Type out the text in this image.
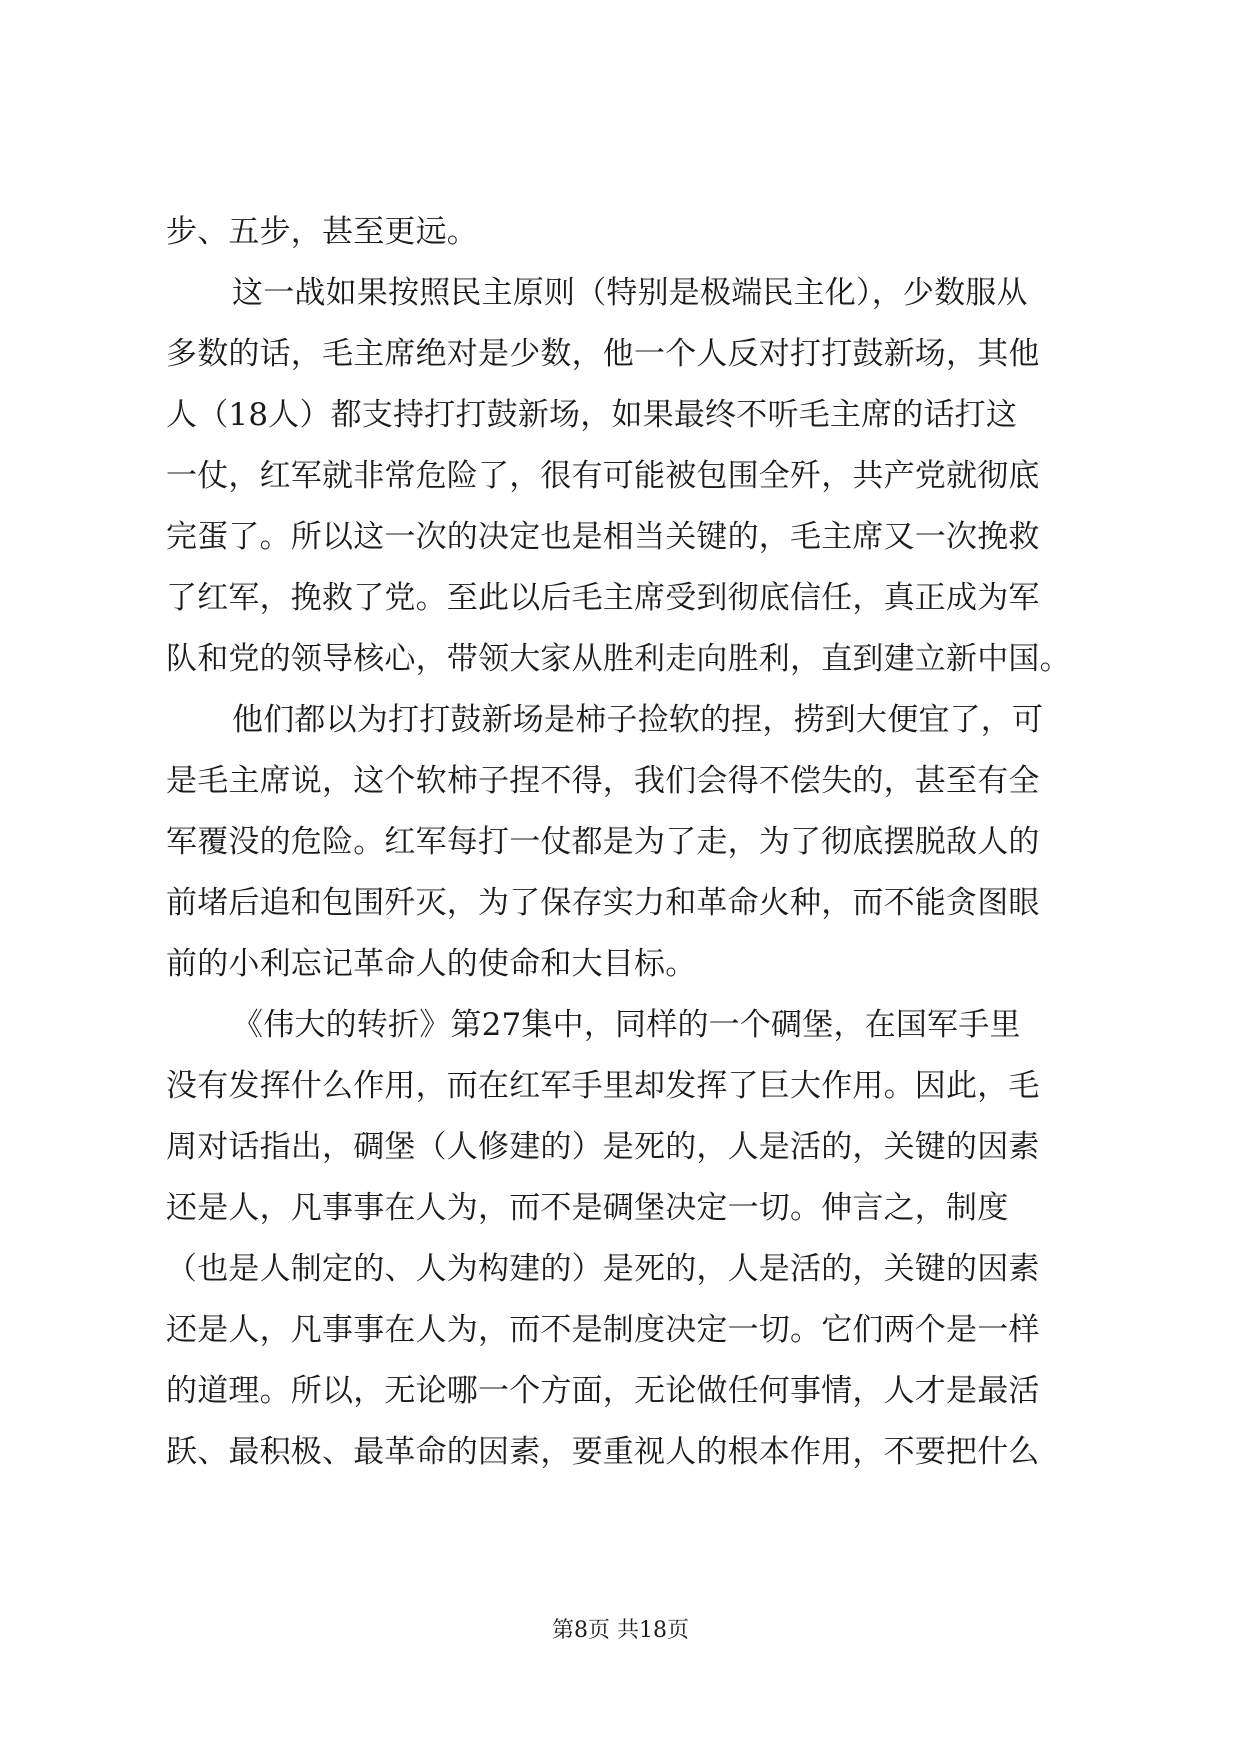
步、五步，甚至更远。
这一战如果按照民主原则（特别是极端民主化），少数服从
多数的话，毛主席绝对是少数，他一个人反对打打鼓新场，其他
人（18人）都支持打打鼓新场，如果最终不听毛主席的话打这
一仗，红军就非常危险了，很有可能被包围全歼，共产党就彻底
完蛋了。所以这一次的决定也是相当关键的，毛主席又一次挽救
了红军，挽救了党。至此以后毛主席受到彻底信任，真正成为军
队和党的领导核心，带领大家从胜利走向胜利，直到建立新中国。
他们都以为打打鼓新场是柿子捡软的捏，捞到大便宜了，可
是毛主席说，这个软柿子捏不得，我们会得不偿失的，甚至有全
军覆没的危险。红军每打一仗都是为了走，为了彻底摆脱敌人的
前堵后追和包围歼灭，为了保存实力和革命火种，而不能贪图眼
前的小利忘记革命人的使命和大目标。
《伟大的转折》第27集中，同样的一个碉堡，在国军手里
没有发挥什么作用，而在红军手里却发挥了巨大作用。因此，毛
周对话指出，碉堡（人修建的）是死的，人是活的，关键的因素
还是人，凡事事在人为，而不是碉堡决定一切。伸言之，制度
（也是人制定的、人为构建的）是死的，人是活的，关键的因素
还是人，凡事事在人为，而不是制度决定一切。它们两个是一样
的道理。所以，无论哪一个方面，无论做任何事情，人才是最活
跃、最积极、最革命的因素，要重视人的根本作用，不要把什么
第8页 共18页
